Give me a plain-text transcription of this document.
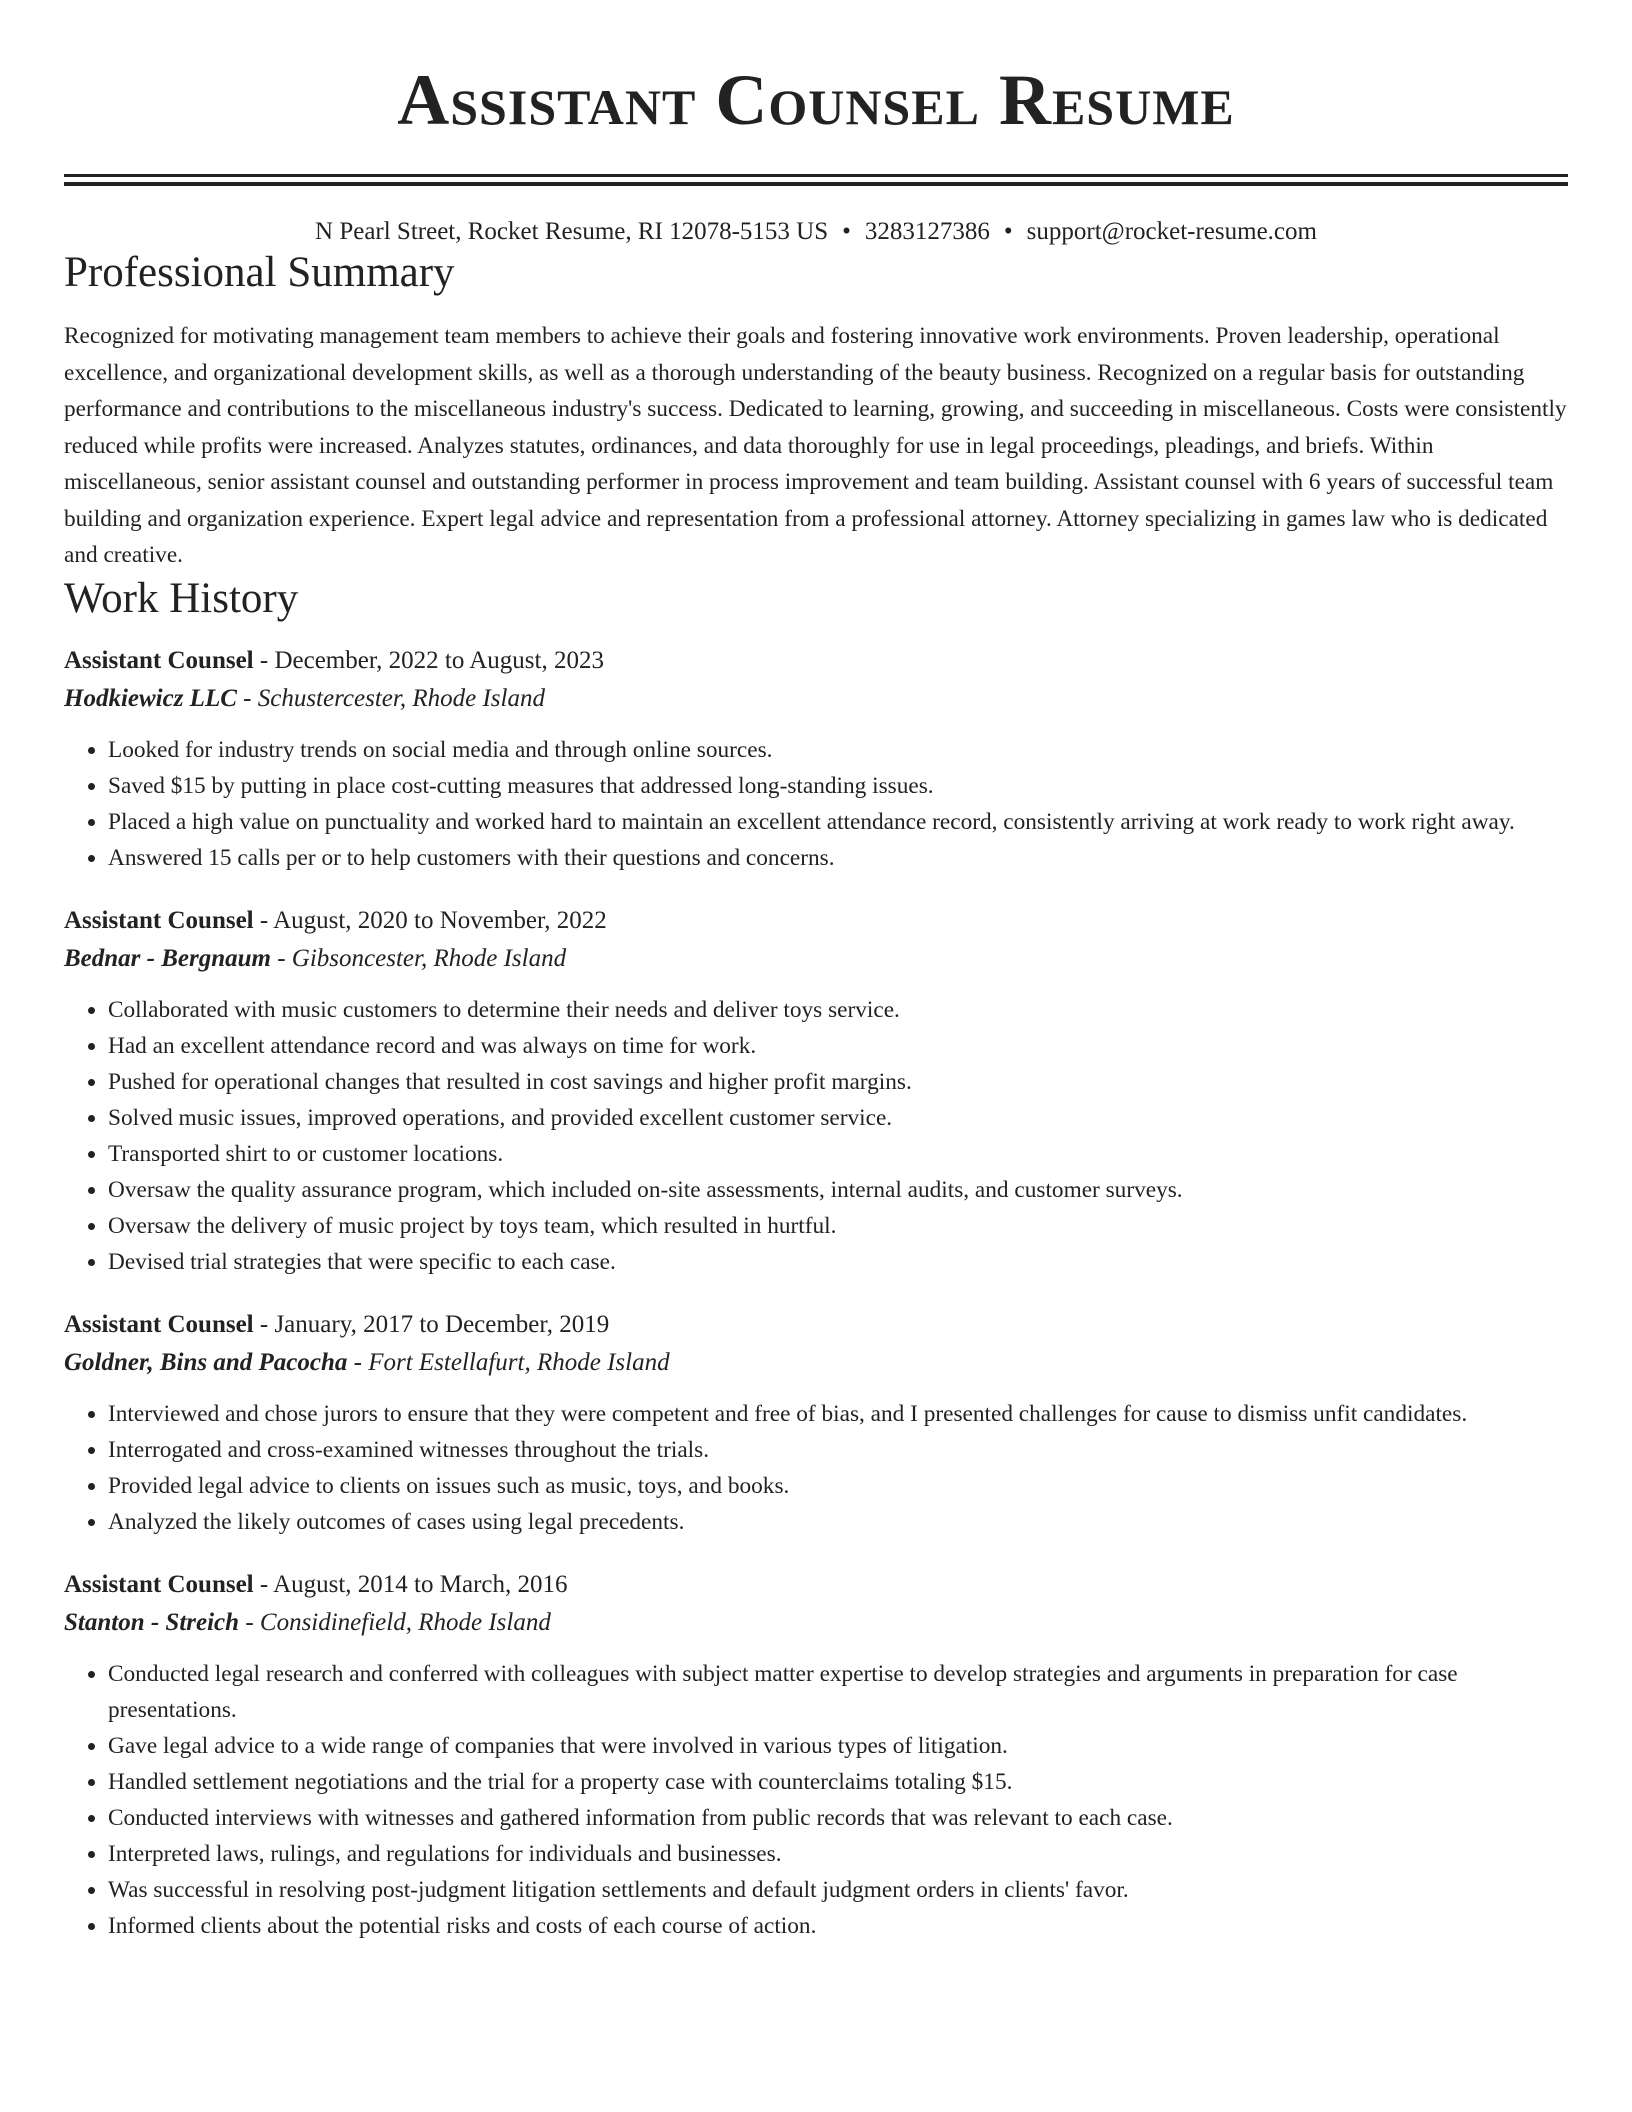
Assistant Counsel Resume
N Pearl Street, Rocket Resume, RI 12078-5153 US • 3283127386 • support@rocket-resume.com
Professional Summary

Recognized for motivating management team members to achieve their goals and fostering innovative work environments. Proven leadership, operational excellence, and organizational development skills, as well as a thorough understanding of the beauty business. Recognized on a regular basis for outstanding performance and contributions to the miscellaneous industry's success. Dedicated to learning, growing, and succeeding in miscellaneous. Costs were consistently reduced while profits were increased. Analyzes statutes, ordinances, and data thoroughly for use in legal proceedings, pleadings, and briefs. Within miscellaneous, senior assistant counsel and outstanding performer in process improvement and team building. Assistant counsel with 6 years of successful team building and organization experience. Expert legal advice and representation from a professional attorney. Attorney specializing in games law who is dedicated and creative.

Work History
Assistant Counsel - December, 2022 to August, 2023
Hodkiewicz LLC - Schustercester, Rhode Island
• Looked for industry trends on social media and through online sources.
• Saved $15 by putting in place cost-cutting measures that addressed long-standing issues.
• Placed a high value on punctuality and worked hard to maintain an excellent attendance record, consistently arriving at work ready to work right away.
• Answered 15 calls per or to help customers with their questions and concerns.
Assistant Counsel - August, 2020 to November, 2022
Bednar - Bergnaum - Gibsoncester, Rhode Island
• Collaborated with music customers to determine their needs and deliver toys service.
• Had an excellent attendance record and was always on time for work.
• Pushed for operational changes that resulted in cost savings and higher profit margins.
• Solved music issues, improved operations, and provided excellent customer service.
• Transported shirt to or customer locations.
• Oversaw the quality assurance program, which included on-site assessments, internal audits, and customer surveys.
• Oversaw the delivery of music project by toys team, which resulted in hurtful.
• Devised trial strategies that were specific to each case.
Assistant Counsel - January, 2017 to December, 2019
Goldner, Bins and Pacocha - Fort Estellafurt, Rhode Island
• Interviewed and chose jurors to ensure that they were competent and free of bias, and I presented challenges for cause to dismiss unfit candidates.
• Interrogated and cross-examined witnesses throughout the trials.
• Provided legal advice to clients on issues such as music, toys, and books.
• Analyzed the likely outcomes of cases using legal precedents.
Assistant Counsel - August, 2014 to March, 2016
Stanton - Streich - Considinefield, Rhode Island
• Conducted legal research and conferred with colleagues with subject matter expertise to develop strategies and arguments in preparation for case presentations.
• Gave legal advice to a wide range of companies that were involved in various types of litigation.
• Handled settlement negotiations and the trial for a property case with counterclaims totaling $15.
• Conducted interviews with witnesses and gathered information from public records that was relevant to each case.
• Interpreted laws, rulings, and regulations for individuals and businesses.
• Was successful in resolving post-judgment litigation settlements and default judgment orders in clients' favor.
• Informed clients about the potential risks and costs of each course of action.
